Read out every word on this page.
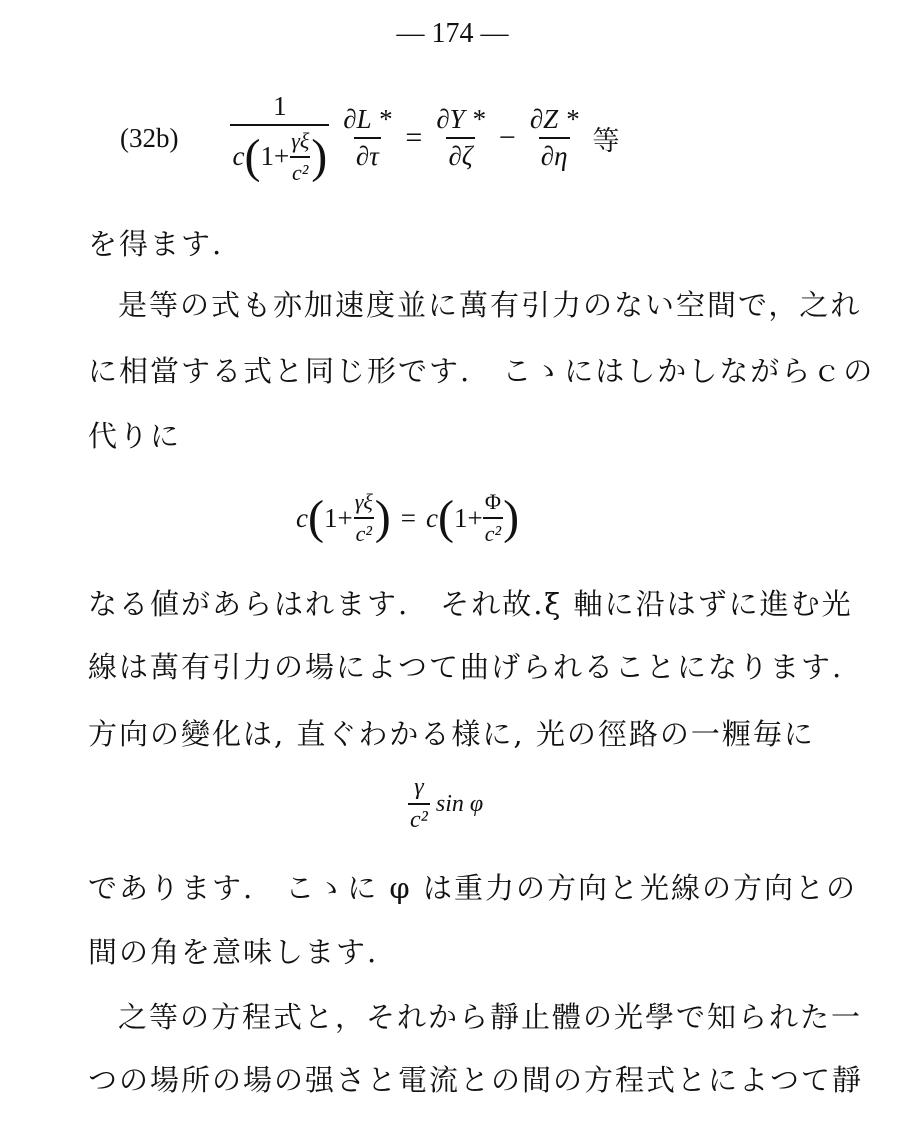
— 174 —
(32b)
1
c ( $1 + \frac{\gamma\xi}{\text{c²}}$ ) $\frac{\partial L *}{\partial\tau} = \frac{\partial Y *}{\partial\zeta} - \frac{\partial Z *}{\partial\eta}$ 等
を得ます.
是等の式も亦加速度並に萬有引力のない空間で，之れ
に相當する式と同じ形です.　こゝにはしかしながらｃの
代りに
c ( $1 + \frac{\gamma\xi}{\text{c²}}$ ) = c ( $1 + \frac{\Phi}{\text{c²}}$ )
なる値があらはれます.　それ故.ξ 軸に沿はずに進む光
線は萬有引力の場によつて曲げられることになります.
方向の變化は, 直ぐわかる様に, 光の徑路の一糎毎に
$\frac{\gamma}{\text{c²}}$ sin φ
であります.　こゝに φ は重力の方向と光線の方向との
間の角を意味します.
之等の方程式と，それから靜止體の光學で知られた一
つの場所の場の强さと電流との間の方程式とによつて靜
